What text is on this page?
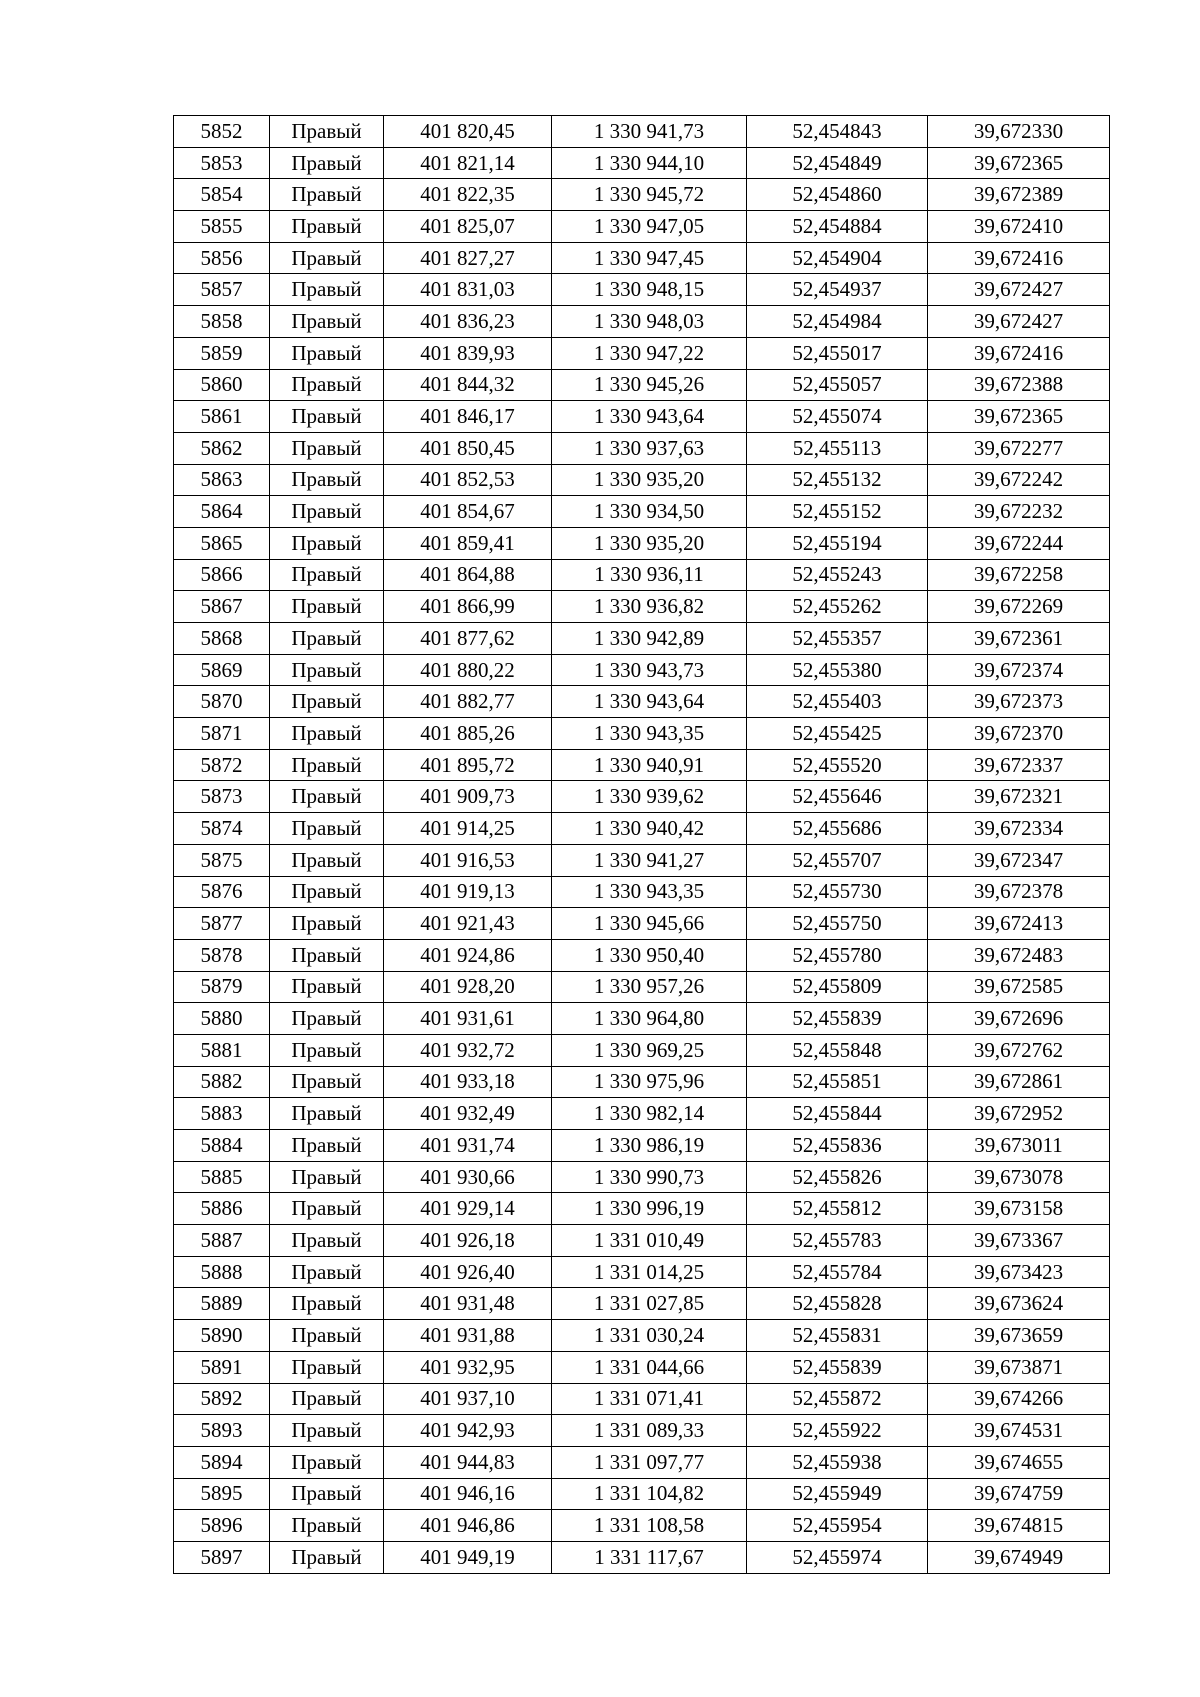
5852	Правый	401 820,45	1 330 941,73	52,454843	39,672330
5853	Правый	401 821,14	1 330 944,10	52,454849	39,672365
5854	Правый	401 822,35	1 330 945,72	52,454860	39,672389
5855	Правый	401 825,07	1 330 947,05	52,454884	39,672410
5856	Правый	401 827,27	1 330 947,45	52,454904	39,672416
5857	Правый	401 831,03	1 330 948,15	52,454937	39,672427
5858	Правый	401 836,23	1 330 948,03	52,454984	39,672427
5859	Правый	401 839,93	1 330 947,22	52,455017	39,672416
5860	Правый	401 844,32	1 330 945,26	52,455057	39,672388
5861	Правый	401 846,17	1 330 943,64	52,455074	39,672365
5862	Правый	401 850,45	1 330 937,63	52,455113	39,672277
5863	Правый	401 852,53	1 330 935,20	52,455132	39,672242
5864	Правый	401 854,67	1 330 934,50	52,455152	39,672232
5865	Правый	401 859,41	1 330 935,20	52,455194	39,672244
5866	Правый	401 864,88	1 330 936,11	52,455243	39,672258
5867	Правый	401 866,99	1 330 936,82	52,455262	39,672269
5868	Правый	401 877,62	1 330 942,89	52,455357	39,672361
5869	Правый	401 880,22	1 330 943,73	52,455380	39,672374
5870	Правый	401 882,77	1 330 943,64	52,455403	39,672373
5871	Правый	401 885,26	1 330 943,35	52,455425	39,672370
5872	Правый	401 895,72	1 330 940,91	52,455520	39,672337
5873	Правый	401 909,73	1 330 939,62	52,455646	39,672321
5874	Правый	401 914,25	1 330 940,42	52,455686	39,672334
5875	Правый	401 916,53	1 330 941,27	52,455707	39,672347
5876	Правый	401 919,13	1 330 943,35	52,455730	39,672378
5877	Правый	401 921,43	1 330 945,66	52,455750	39,672413
5878	Правый	401 924,86	1 330 950,40	52,455780	39,672483
5879	Правый	401 928,20	1 330 957,26	52,455809	39,672585
5880	Правый	401 931,61	1 330 964,80	52,455839	39,672696
5881	Правый	401 932,72	1 330 969,25	52,455848	39,672762
5882	Правый	401 933,18	1 330 975,96	52,455851	39,672861
5883	Правый	401 932,49	1 330 982,14	52,455844	39,672952
5884	Правый	401 931,74	1 330 986,19	52,455836	39,673011
5885	Правый	401 930,66	1 330 990,73	52,455826	39,673078
5886	Правый	401 929,14	1 330 996,19	52,455812	39,673158
5887	Правый	401 926,18	1 331 010,49	52,455783	39,673367
5888	Правый	401 926,40	1 331 014,25	52,455784	39,673423
5889	Правый	401 931,48	1 331 027,85	52,455828	39,673624
5890	Правый	401 931,88	1 331 030,24	52,455831	39,673659
5891	Правый	401 932,95	1 331 044,66	52,455839	39,673871
5892	Правый	401 937,10	1 331 071,41	52,455872	39,674266
5893	Правый	401 942,93	1 331 089,33	52,455922	39,674531
5894	Правый	401 944,83	1 331 097,77	52,455938	39,674655
5895	Правый	401 946,16	1 331 104,82	52,455949	39,674759
5896	Правый	401 946,86	1 331 108,58	52,455954	39,674815
5897	Правый	401 949,19	1 331 117,67	52,455974	39,674949
